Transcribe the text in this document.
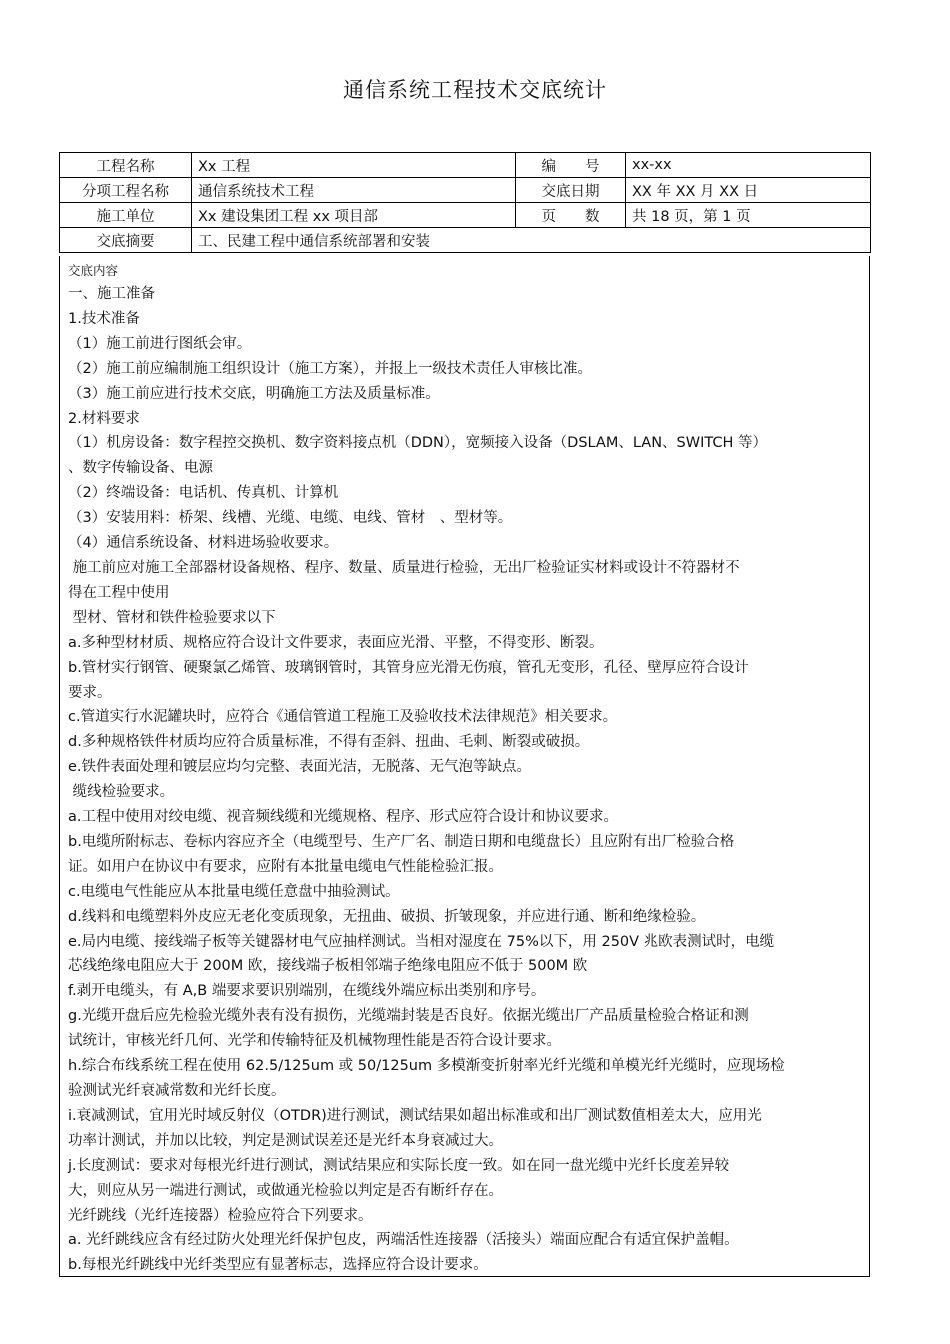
通信系统工程技术交底统计
工程名称	Xx 工程	编　　号	xx-xx
分项工程名称	通信系统技术工程	交底日期	XX 年 XX 月 XX 日
施工单位	Xx 建设集团工程 xx 项目部	页　　数	共 18 页，第 1 页
交底摘要	工、民建工程中通信系统部署和安装		
交底内容
一、施工准备
1.技术准备
（1）施工前进行图纸会审。
（2）施工前应编制施工组织设计（施工方案），并报上一级技术责任人审核比准。
（3）施工前应进行技术交底，明确施工方法及质量标准。
2.材料要求
（1）机房设备：数字程控交换机、数字资料接点机（DDN），宽频接入设备（DSLAM、LAN、SWITCH 等）
、数字传输设备、电源
（2）终端设备：电话机、传真机、计算机
（3）安装用料：桥架、线槽、光缆、电缆、电线、管材　、型材等。
（4）通信系统设备、材料进场验收要求。
施工前应对施工全部器材设备规格、程序、数量、质量进行检验，无出厂检验证实材料或设计不符器材不
得在工程中使用
型材、管材和铁件检验要求以下
a.多种型材材质、规格应符合设计文件要求，表面应光滑、平整，不得变形、断裂。
b.管材实行钢管、硬聚氯乙烯管、玻璃钢管时，其管身应光滑无伤痕，管孔无变形，孔径、壁厚应符合设计
要求。
c.管道实行水泥罐块时，应符合《通信管道工程施工及验收技术法律规范》相关要求。
d.多种规格铁件材质均应符合质量标准，不得有歪斜、扭曲、毛刺、断裂或破损。
e.铁件表面处理和镀层应均匀完整、表面光洁，无脱落、无气泡等缺点。
缆线检验要求。
a.工程中使用对绞电缆、视音频线缆和光缆规格、程序、形式应符合设计和协议要求。
b.电缆所附标志、卷标内容应齐全（电缆型号、生产厂名、制造日期和电缆盘长）且应附有出厂检验合格
证。如用户在协议中有要求，应附有本批量电缆电气性能检验汇报。
c.电缆电气性能应从本批量电缆任意盘中抽验测试。
d.线料和电缆塑料外皮应无老化变质现象，无扭曲、破损、折皱现象，并应进行通、断和绝缘检验。
e.局内电缆、接线端子板等关键器材电气应抽样测试。当相对湿度在 75%以下，用 250V 兆欧表测试时，电缆
芯线绝缘电阻应大于 200M 欧，接线端子板相邻端子绝缘电阻应不低于 500M 欧
f.剥开电缆头，有 A,B 端要求要识别端别，在缆线外端应标出类别和序号。
g.光缆开盘后应先检验光缆外表有没有损伤，光缆端封装是否良好。依据光缆出厂产品质量检验合格证和测
试统计，审核光纤几何、光学和传输特征及机械物理性能是否符合设计要求。
h.综合布线系统工程在使用 62.5/125um 或 50/125um 多模渐变折射率光纤光缆和单模光纤光缆时，应现场检
验测试光纤衰减常数和光纤长度。
i.衰减测试，宜用光时域反射仪（OTDR)进行测试，测试结果如超出标准或和出厂测试数值相差太大，应用光
功率计测试，并加以比较，判定是测试误差还是光纤本身衰减过大。
j.长度测试：要求对每根光纤进行测试，测试结果应和实际长度一致。如在同一盘光缆中光纤长度差异较
大，则应从另一端进行测试，或做通光检验以判定是否有断纤存在。
光纤跳线（光纤连接器）检验应符合下列要求。
a. 光纤跳线应含有经过防火处理光纤保护包皮，两端活性连接器（活接头）端面应配合有适宜保护盖帽。
b.每根光纤跳线中光纤类型应有显著标志，选择应符合设计要求。
